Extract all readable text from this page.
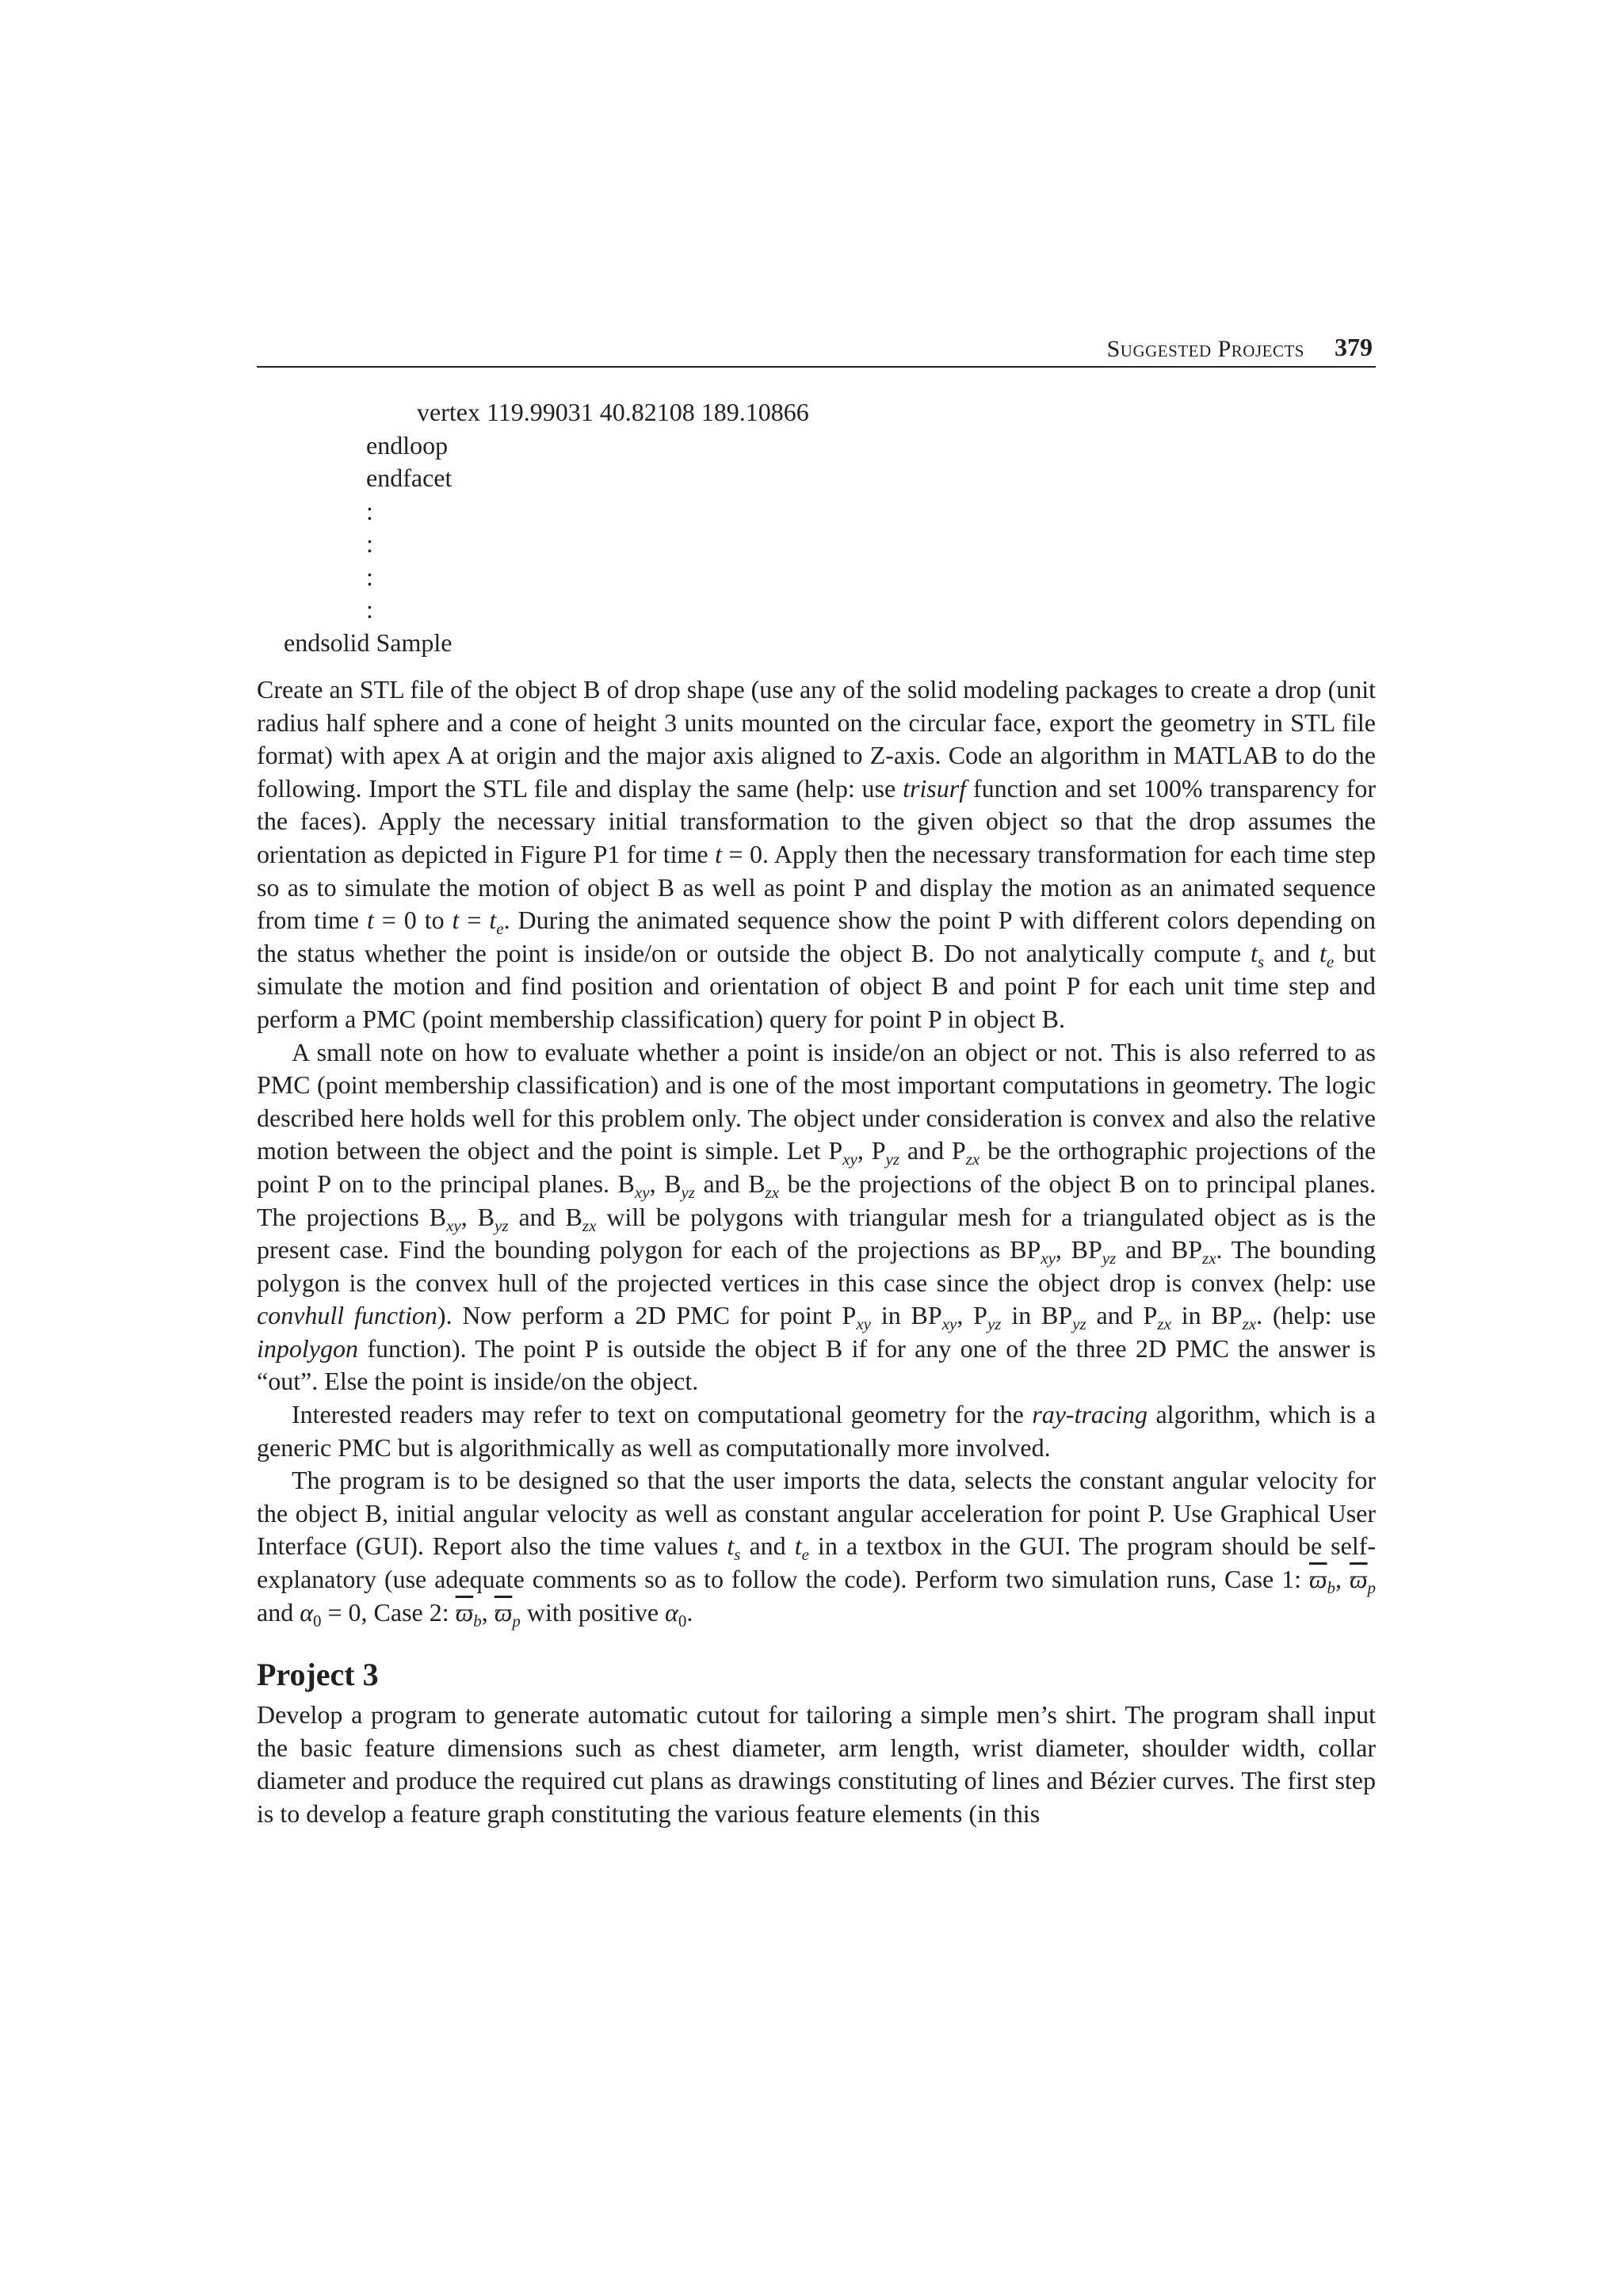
Suggested Projects 379
vertex 119.99031 40.82108 189.10866
endloop
endfacet
:
:
:
:
endsolid Sample

Create an STL file of the object B of drop shape (use any of the solid modeling packages to create a drop (unit radius half sphere and a cone of height 3 units mounted on the circular face, export the geometry in STL file format) with apex A at origin and the major axis aligned to Z-axis. Code an algorithm in MATLAB to do the following. Import the STL file and display the same (help: use trisurf function and set 100% transparency for the faces). Apply the necessary initial transformation to the given object so that the drop assumes the orientation as depicted in Figure P1 for time t = 0. Apply then the necessary transformation for each time step so as to simulate the motion of object B as well as point P and display the motion as an animated sequence from time t = 0 to $t = t_e$. During the animated sequence show the point P with different colors depending on the status whether the point is inside/on or outside the object B. Do not analytically compute $t_s$ and $t_e$ but simulate the motion and find position and orientation of object B and point P for each unit time step and perform a PMC (point membership classification) query for point P in object B.

A small note on how to evaluate whether a point is inside/on an object or not. This is also referred to as PMC (point membership classification) and is one of the most important computations in geometry. The logic described here holds well for this problem only. The object under consideration is convex and also the relative motion between the object and the point is simple. Let $P_{xy}$, $P_{yz}$ and $P_{zx}$ be the orthographic projections of the point P on to the principal planes. $B_{xy}$, $B_{yz}$ and $B_{zx}$ be the projections of the object B on to principal planes. The projections $B_{xy}$, $B_{yz}$ and $B_{zx}$ will be polygons with triangular mesh for a triangulated object as is the present case. Find the bounding polygon for each of the projections as $BP_{xy}$, $BP_{yz}$ and $BP_{zx}$. The bounding polygon is the convex hull of the projected vertices in this case since the object drop is convex (help: use convhull function). Now perform a 2D PMC for point $P_{xy}$ in $BP_{xy}$, $P_{yz}$ in $BP_{yz}$ and $P_{zx}$ in $BP_{zx}$. (help: use inpolygon function). The point P is outside the object B if for any one of the three 2D PMC the answer is “out”. Else the point is inside/on the object.

Interested readers may refer to text on computational geometry for the ray-tracing algorithm, which is a generic PMC but is algorithmically as well as computationally more involved.

The program is to be designed so that the user imports the data, selects the constant angular velocity for the object B, initial angular velocity as well as constant angular acceleration for point P. Use Graphical User Interface (GUI). Report also the time values $t_s$ and $t_e$ in a textbox in the GUI. The program should be self-explanatory (use adequate comments so as to follow the code). Perform two simulation runs, Case 1: $\overline{ϖ}_b$, $\overline{ϖ}_p$ and $\alpha_0 = 0$, Case 2: $\overline{ϖ}_b$, $\overline{ϖ}_p$ with positive $\alpha_0$.

Project 3

Develop a program to generate automatic cutout for tailoring a simple men’s shirt. The program shall input the basic feature dimensions such as chest diameter, arm length, wrist diameter, shoulder width, collar diameter and produce the required cut plans as drawings constituting of lines and Bézier curves. The first step is to develop a feature graph constituting the various feature elements (in this
